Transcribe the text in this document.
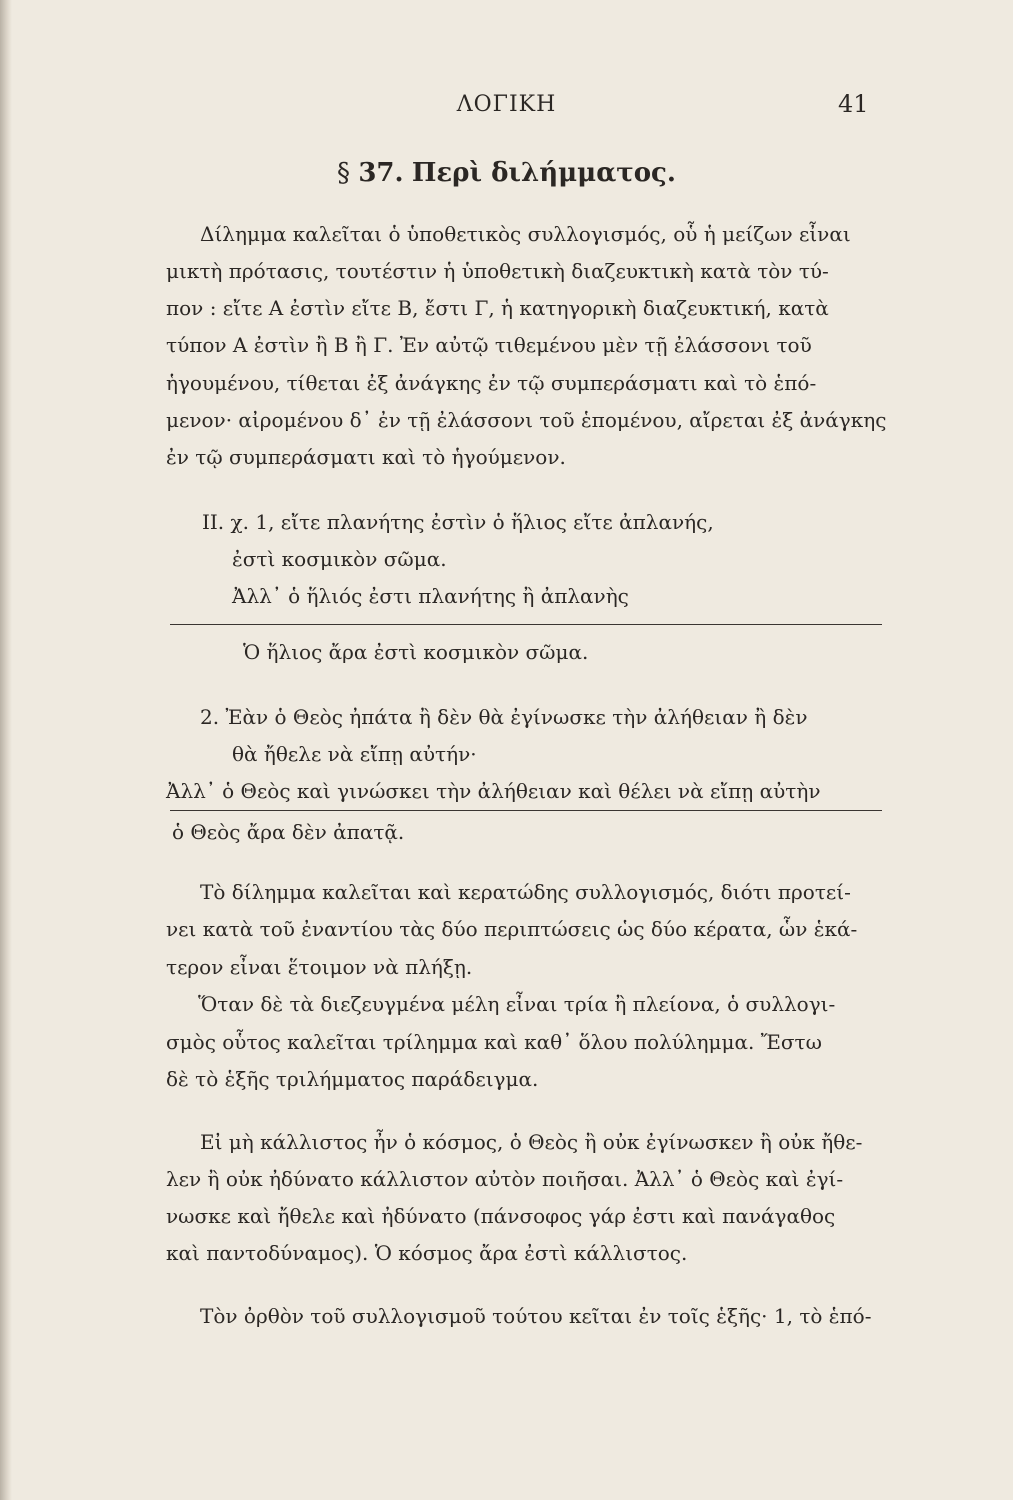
ΛΟΓΙΚΗ	41
§ 37. Περὶ διλήμματος.
Δίλημμα καλεῖται ὁ ὑποθετικὸς συλλογισμός, οὗ ἡ μείζων εἶναι
μικτὴ πρότασις, τουτέστιν ἡ ὑποθετικὴ διαζευκτικὴ κατὰ τὸν τύ-
πον : εἴτε Α ἐστὶν εἴτε Β, ἔστι Γ, ἡ κατηγορικὴ διαζευκτική, κατὰ
τύπον Α ἐστὶν ἢ Β ἢ Γ. Ἐν αὐτῷ τιθεμένου μὲν τῇ ἐλάσσονι τοῦ
ἡγουμένου, τίθεται ἐξ ἀνάγκης ἐν τῷ συμπεράσματι καὶ τὸ ἑπό-
μενον· αἰρομένου δ᾽ ἐν τῇ ἐλάσσονι τοῦ ἑπομένου, αἴρεται ἐξ ἀνάγκης
ἐν τῷ συμπεράσματι καὶ τὸ ἡγούμενον.
II. χ. 1, εἴτε πλανήτης ἐστὶν ὁ ἥλιος εἴτε ἀπλανής,
ἐστὶ κοσμικὸν σῶμα.
Ἀλλ᾽ ὁ ἥλιός ἐστι πλανήτης ἢ ἀπλανὴς
Ὁ ἥλιος ἄρα ἐστὶ κοσμικὸν σῶμα.
2. Ἐὰν ὁ Θεὸς ἠπάτα ἢ δὲν θὰ ἐγίνωσκε τὴν ἀλήθειαν ἢ δὲν
θὰ ἤθελε νὰ εἴπῃ αὐτήν·
Ἀλλ᾽ ὁ Θεὸς καὶ γινώσκει τὴν ἀλήθειαν καὶ θέλει νὰ εἴπῃ αὐτὴν
ὁ Θεὸς ἄρα δὲν ἀπατᾷ.
Τὸ δίλημμα καλεῖται καὶ κερατώδης συλλογισμός, διότι προτεί-
νει κατὰ τοῦ ἐναντίου τὰς δύο περιπτώσεις ὡς δύο κέρατα, ὧν ἑκά-
τερον εἶναι ἕτοιμον νὰ πλήξῃ.
Ὅταν δὲ τὰ διεζευγμένα μέλη εἶναι τρία ἢ πλείονα, ὁ συλλογι-
σμὸς οὗτος καλεῖται τρίλημμα καὶ καθ᾽ ὅλου πολύλημμα. Ἔστω
δὲ τὸ ἑξῆς τριλήμματος παράδειγμα.
Εἰ μὴ κάλλιστος ἦν ὁ κόσμος, ὁ Θεὸς ἢ οὐκ ἐγίνωσκεν ἢ οὐκ ἤθε-
λεν ἢ οὐκ ἠδύνατο κάλλιστον αὐτὸν ποιῆσαι. Ἀλλ᾽ ὁ Θεὸς καὶ ἐγί-
νωσκε καὶ ἤθελε καὶ ἠδύνατο (πάνσοφος γάρ ἐστι καὶ πανάγαθος
καὶ παντοδύναμος). Ὁ κόσμος ἄρα ἐστὶ κάλλιστος.
Τὸν ὀρθὸν τοῦ συλλογισμοῦ τούτου κεῖται ἐν τοῖς ἑξῆς· 1, τὸ ἑπό-
